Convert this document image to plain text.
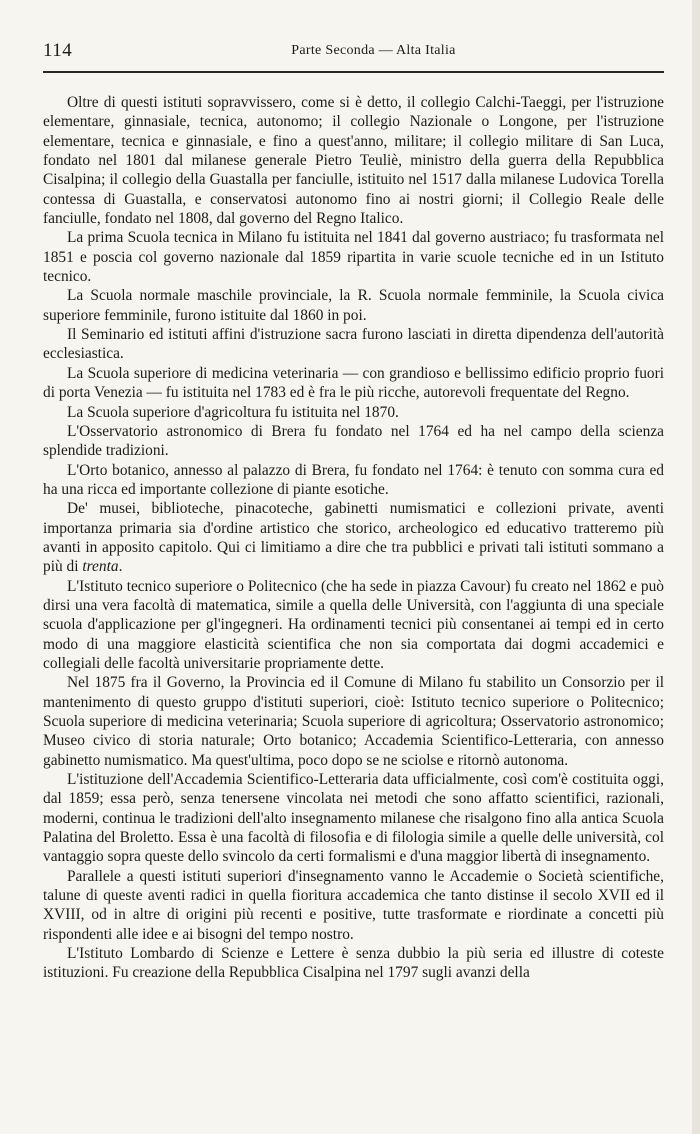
114	Parte Seconda — Alta Italia

Oltre di questi istituti sopravvissero, come si è detto, il collegio Calchi-Taeggi, per l'istruzione elementare, ginnasiale, tecnica, autonomo; il collegio Nazionale o Longone, per l'istruzione elementare, tecnica e ginnasiale, e fino a quest'anno, militare; il collegio militare di San Luca, fondato nel 1801 dal milanese generale Pietro Teuliè, ministro della guerra della Repubblica Cisalpina; il collegio della Guastalla per fanciulle, istituito nel 1517 dalla milanese Ludovica Torella contessa di Guastalla, e conservatosi autonomo fino ai nostri giorni; il Collegio Reale delle fanciulle, fondato nel 1808, dal governo del Regno Italico.

La prima Scuola tecnica in Milano fu istituita nel 1841 dal governo austriaco; fu trasformata nel 1851 e poscia col governo nazionale dal 1859 ripartita in varie scuole tecniche ed in un Istituto tecnico.

La Scuola normale maschile provinciale, la R. Scuola normale femminile, la Scuola civica superiore femminile, furono istituite dal 1860 in poi.

Il Seminario ed istituti affini d'istruzione sacra furono lasciati in diretta dipendenza dell'autorità ecclesiastica.

La Scuola superiore di medicina veterinaria — con grandioso e bellissimo edificio proprio fuori di porta Venezia — fu istituita nel 1783 ed è fra le più ricche, autorevoli frequentate del Regno.

La Scuola superiore d'agricoltura fu istituita nel 1870.

L'Osservatorio astronomico di Brera fu fondato nel 1764 ed ha nel campo della scienza splendide tradizioni.

L'Orto botanico, annesso al palazzo di Brera, fu fondato nel 1764: è tenuto con somma cura ed ha una ricca ed importante collezione di piante esotiche.

De' musei, biblioteche, pinacoteche, gabinetti numismatici e collezioni private, aventi importanza primaria sia d'ordine artistico che storico, archeologico ed educativo tratteremo più avanti in apposito capitolo. Qui ci limitiamo a dire che tra pubblici e privati tali istituti sommano a più di trenta.

L'Istituto tecnico superiore o Politecnico (che ha sede in piazza Cavour) fu creato nel 1862 e può dirsi una vera facoltà di matematica, simile a quella delle Università, con l'aggiunta di una speciale scuola d'applicazione per gl'ingegneri. Ha ordinamenti tecnici più consentanei ai tempi ed in certo modo di una maggiore elasticità scientifica che non sia comportata dai dogmi accademici e collegiali delle facoltà universitarie propriamente dette.

Nel 1875 fra il Governo, la Provincia ed il Comune di Milano fu stabilito un Consorzio per il mantenimento di questo gruppo d'istituti superiori, cioè: Istituto tecnico superiore o Politecnico; Scuola superiore di medicina veterinaria; Scuola superiore di agricoltura; Osservatorio astronomico; Museo civico di storia naturale; Orto botanico; Accademia Scientifico-Letteraria, con annesso gabinetto numismatico. Ma quest'ultima, poco dopo se ne sciolse e ritornò autonoma.

L'istituzione dell'Accademia Scientifico-Letteraria data ufficialmente, così com'è costituita oggi, dal 1859; essa però, senza tenersene vincolata nei metodi che sono affatto scientifici, razionali, moderni, continua le tradizioni dell'alto insegnamento milanese che risalgono fino alla antica Scuola Palatina del Broletto. Essa è una facoltà di filosofia e di filologia simile a quelle delle università, col vantaggio sopra queste dello svincolo da certi formalismi e d'una maggior libertà di insegnamento.

Parallele a questi istituti superiori d'insegnamento vanno le Accademie o Società scientifiche, talune di queste aventi radici in quella fioritura accademica che tanto distinse il secolo XVII ed il XVIII, od in altre di origini più recenti e positive, tutte trasformate e riordinate a concetti più rispondenti alle idee e ai bisogni del tempo nostro.

L'Istituto Lombardo di Scienze e Lettere è senza dubbio la più seria ed illustre di coteste istituzioni. Fu creazione della Repubblica Cisalpina nel 1797 sugli avanzi della
